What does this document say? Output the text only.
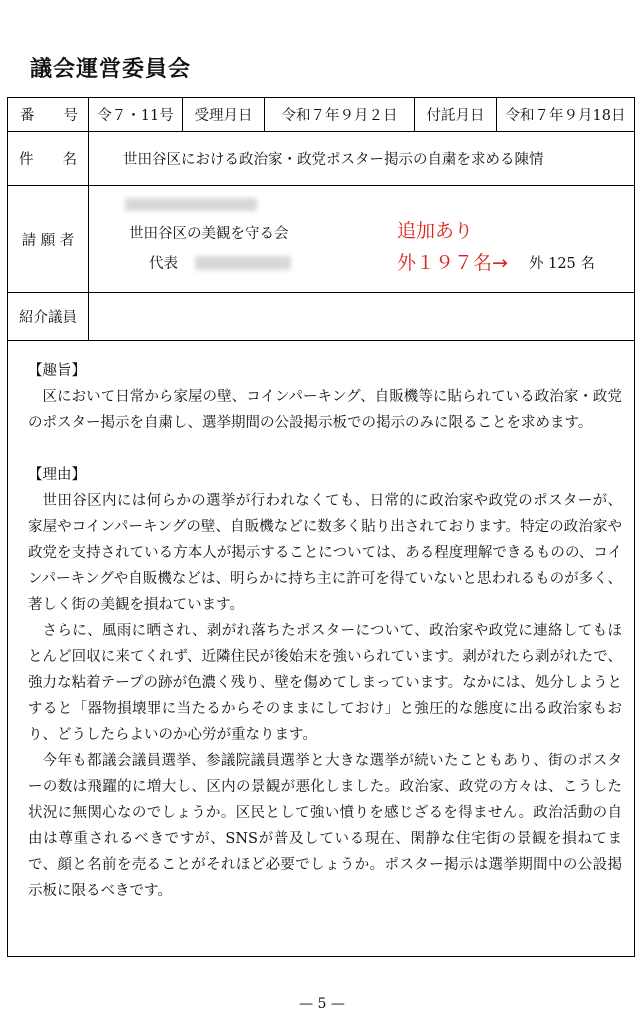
議会運営委員会
番　　号	令７・11号	受理月日	令和７年９月２日	付託月日	令和７年９月18日
件　　名	世田谷区における政治家・政党ポスター掲示の自粛を求める陳情
請 願 者	世田谷区の美観を守る会
代表
追加あり
外１９７名→ 外 125 名
紹介議員

【趣旨】

区において日常から家屋の壁、コインパーキング、自販機等に貼られている政治家・政党のポスター掲示を自粛し、選挙期間の公設掲示板での掲示のみに限ることを求めます。

【理由】

世田谷区内には何らかの選挙が行われなくても、日常的に政治家や政党のポスターが、家屋やコインパーキングの壁、自販機などに数多く貼り出されております。特定の政治家や政党を支持されている方本人が掲示することについては、ある程度理解できるものの、コインパーキングや自販機などは、明らかに持ち主に許可を得ていないと思われるものが多く、著しく街の美観を損ねています。

さらに、風雨に晒され、剥がれ落ちたポスターについて、政治家や政党に連絡してもほとんど回収に来てくれず、近隣住民が後始末を強いられています。剥がれたら剥がれたで、強力な粘着テープの跡が色濃く残り、壁を傷めてしまっています。なかには、処分しようとすると「器物損壊罪に当たるからそのままにしておけ」と強圧的な態度に出る政治家もおり、どうしたらよいのか心労が重なります。

今年も都議会議員選挙、参議院議員選挙と大きな選挙が続いたこともあり、街のポスターの数は飛躍的に増大し、区内の景観が悪化しました。政治家、政党の方々は、こうした状況に無関心なのでしょうか。区民として強い憤りを感じざるを得ません。政治活動の自由は尊重されるべきですが、SNSが普及している現在、閑静な住宅街の景観を損ねてまで、顔と名前を売ることがそれほど必要でしょうか。ポスター掲示は選挙期間中の公設掲示板に限るべきです。

— 5 —
